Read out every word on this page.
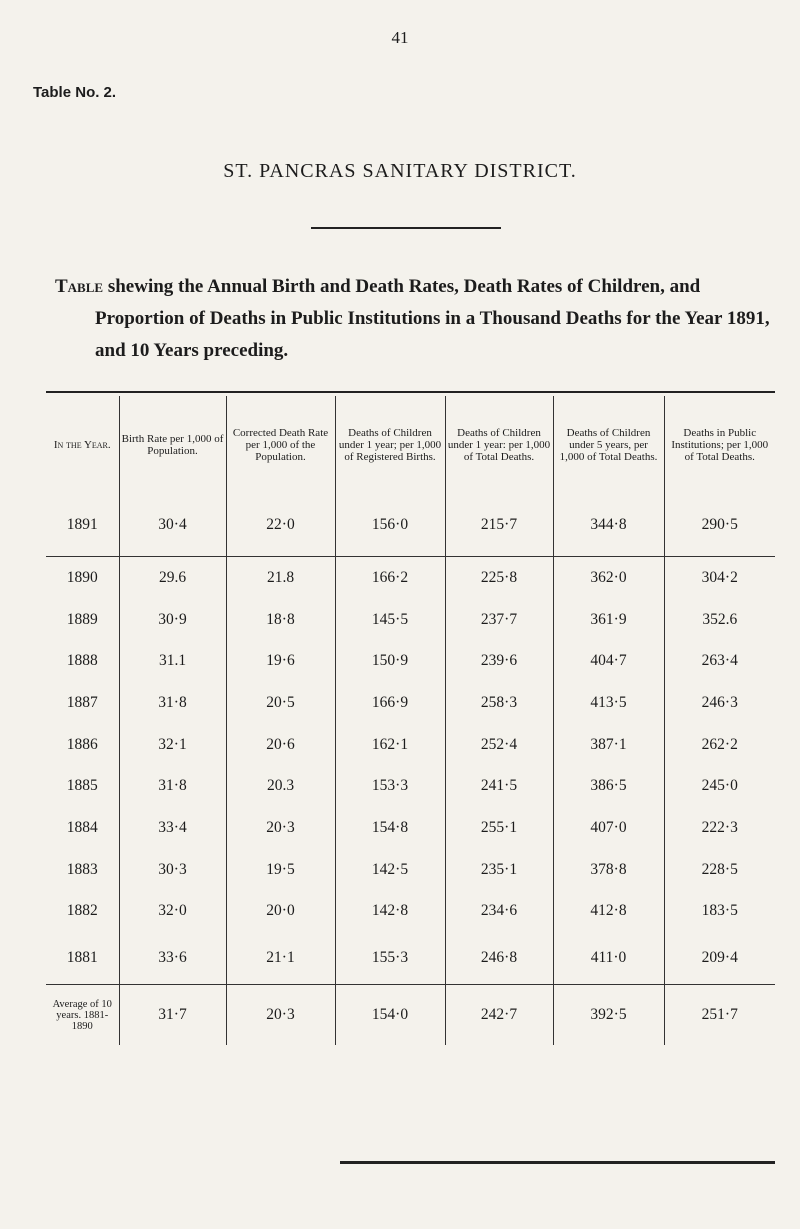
41
Table No. 2.
ST. PANCRAS SANITARY DISTRICT.
Table shewing the Annual Birth and Death Rates, Death Rates of Children, and Proportion of Deaths in Public Institutions in a Thousand Deaths for the Year 1891, and 10 Years preceding.
In the Year.	Birth Rate per 1,000 of Population.	Corrected Death Rate per 1,000 of the Population.	Deaths of Children under 1 year; per 1,000 of Registered Births.	Deaths of Children under 1 year: per 1,000 of Total Deaths.	Deaths of Children under 5 years, per 1,000 of Total Deaths.	Deaths in Public Institutions; per 1,000 of Total Deaths.
1891	30·4	22·0	156·0	215·7	344·8	290·5
1890	29.6	21.8	166·2	225·8	362·0	304·2
1889	30·9	18·8	145·5	237·7	361·9	352.6
1888	31.1	19·6	150·9	239·6	404·7	263·4
1887	31·8	20·5	166·9	258·3	413·5	246·3
1886	32·1	20·6	162·1	252·4	387·1	262·2
1885	31·8	20.3	153·3	241·5	386·5	245·0
1884	33·4	20·3	154·8	255·1	407·0	222·3
1883	30·3	19·5	142·5	235·1	378·8	228·5
1882	32·0	20·0	142·8	234·6	412·8	183·5
1881	33·6	21·1	155·3	246·8	411·0	209·4
Average of 10 years. 1881-1890	31·7	20·3	154·0	242·7	392·5	251·7
